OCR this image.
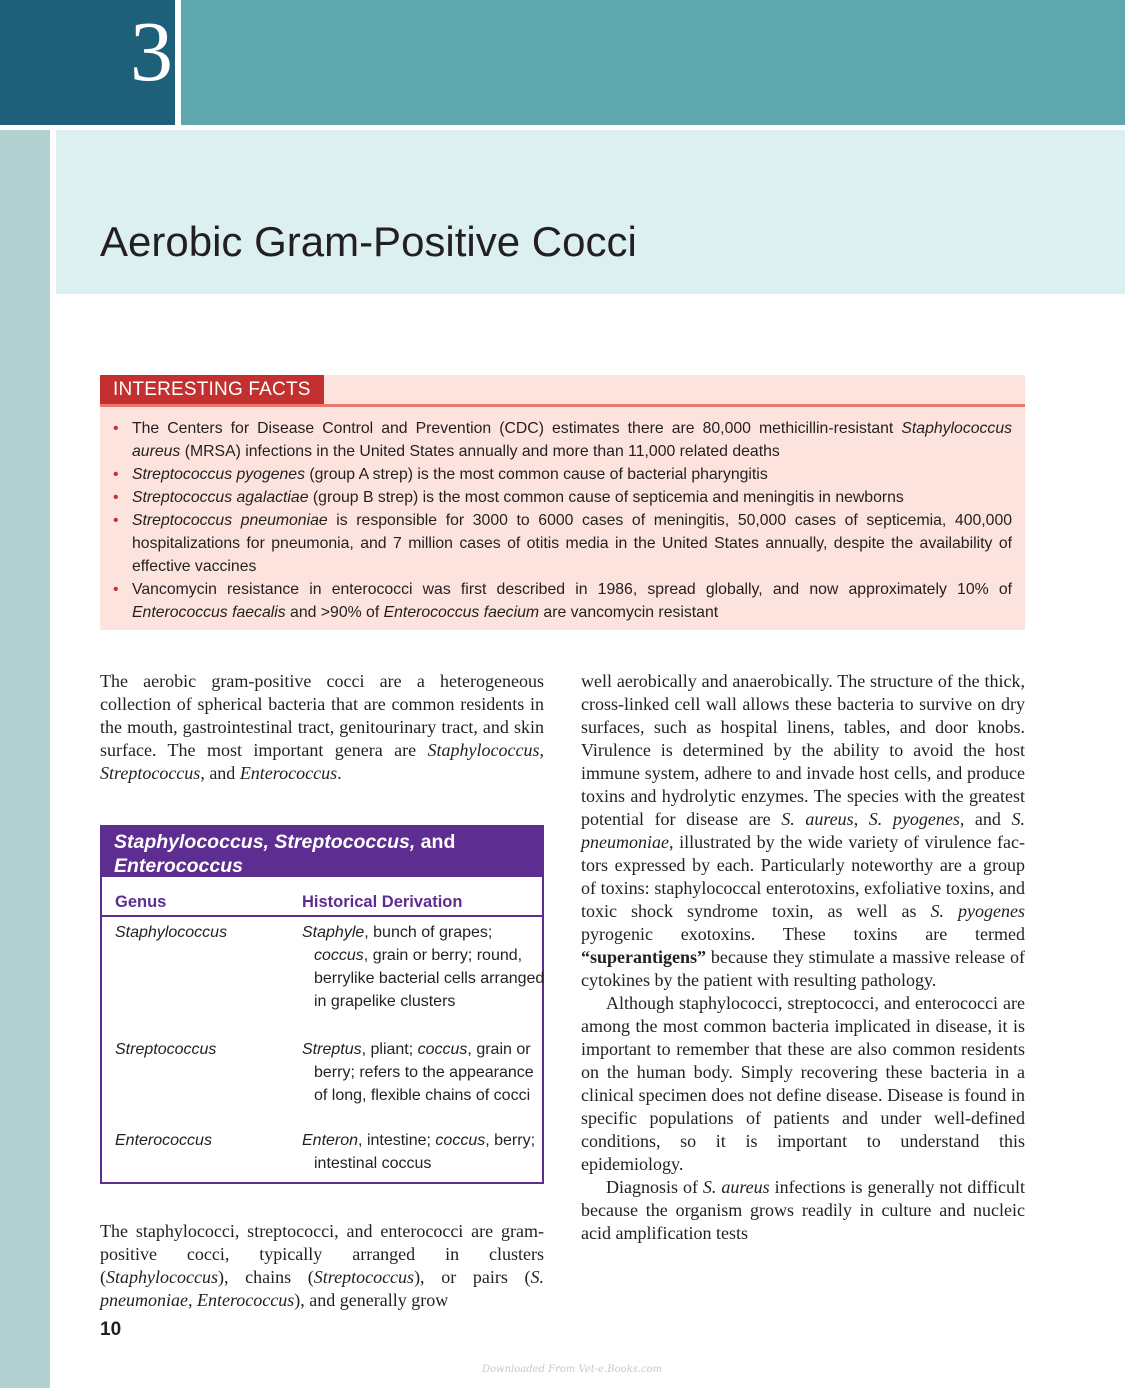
3
Aerobic Gram-Positive Cocci
INTERESTING FACTS
• The Centers for Disease Control and Prevention (CDC) estimates there are 80,000 methicillin-resistant Staphylococcus aureus (MRSA) infections in the United States annually and more than 11,000 related deaths
• Streptococcus pyogenes (group A strep) is the most common cause of bacterial pharyngitis
• Streptococcus agalactiae (group B strep) is the most common cause of septicemia and meningitis in newborns
• Streptococcus pneumoniae is responsible for 3000 to 6000 cases of meningitis, 50,000 cases of septicemia, 400,000 hospitalizations for pneumonia, and 7 million cases of otitis media in the United States annually, despite the availability of effective vaccines
• Vancomycin resistance in enterococci was first described in 1986, spread globally, and now approximately 10% of Enterococcus faecalis and >90% of Enterococcus faecium are vancomycin resistant

The aerobic gram-positive cocci are a heterogeneous collection of spherical bacteria that are common residents in the mouth, gastrointestinal tract, genitourinary tract, and skin surface. The most important genera are Staphylococcus, Streptococcus, and Enterococcus.

Staphylococcus, Streptococcus, and Enterococcus
Genus	Historical Derivation
Staphylococcus	Staphyle, bunch of grapes; coccus, grain or berry; round, berrylike bacterial cells arranged in grapelike clusters
Streptococcus	Streptus, pliant; coccus, grain or berry; refers to the appearance of long, flexible chains of cocci
Enterococcus	Enteron, intestine; coccus, berry; intestinal coccus

The staphylococci, streptococci, and enterococci are gram-positive cocci, typically arranged in clusters (Staphylococcus), chains (Streptococcus), or pairs (S. pneumoniae, Enterococcus), and generally grow

well aerobically and anaerobically. The structure of the thick, cross-linked cell wall allows these bacteria to survive on dry surfaces, such as hospital linens, tables, and door knobs. Virulence is determined by the ability to avoid the host immune system, adhere to and invade host cells, and produce toxins and hydrolytic enzymes. The species with the greatest potential for disease are S. aureus, S. pyogenes, and S. pneumoniae, illustrated by the wide variety of virulence factors expressed by each. Particularly noteworthy are a group of toxins: staphylococcal enterotoxins, exfoliative toxins, and toxic shock syndrome toxin, as well as S. pyogenes pyrogenic exotoxins. These toxins are termed “superantigens” because they stimulate a massive release of cytokines by the patient with resulting pathology.

Although staphylococci, streptococci, and enterococci are among the most common bacteria implicated in disease, it is important to remember that these are also common residents on the human body. Simply recovering these bacteria in a clinical specimen does not define disease. Disease is found in specific populations of patients and under well-defined conditions, so it is important to understand this epidemiology.

Diagnosis of S. aureus infections is generally not difficult because the organism grows readily in culture and nucleic acid amplification tests

10
Downloaded From Vet-e.Books.com
